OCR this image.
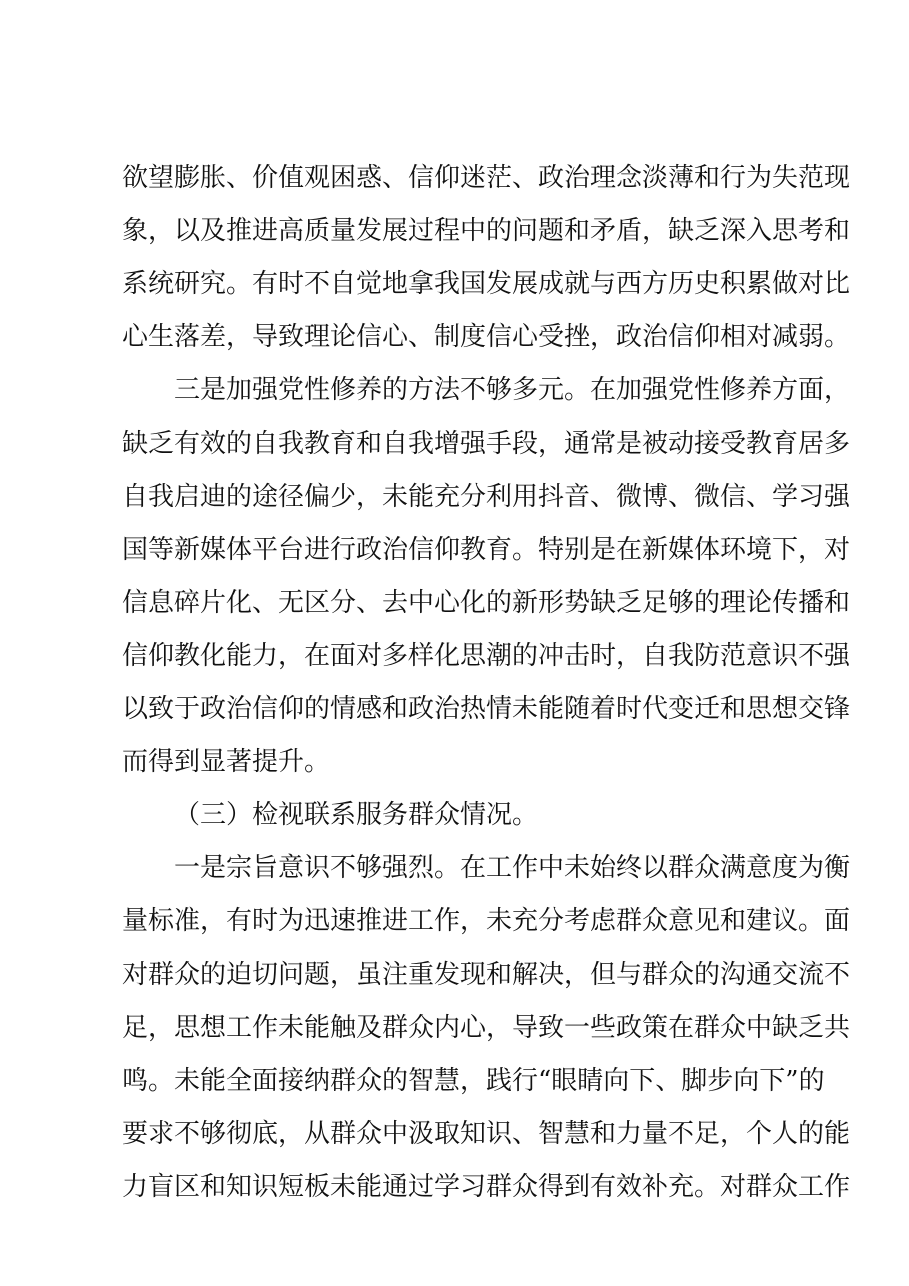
欲望膨胀、价值观困惑、信仰迷茫、政治理念淡薄和行为失范现
象，以及推进高质量发展过程中的问题和矛盾，缺乏深入思考和
系统研究。有时不自觉地拿我国发展成就与西方历史积累做对比
心生落差，导致理论信心、制度信心受挫，政治信仰相对减弱。
三是加强党性修养的方法不够多元。在加强党性修养方面，
缺乏有效的自我教育和自我增强手段，通常是被动接受教育居多
自我启迪的途径偏少，未能充分利用抖音、微博、微信、学习强
国等新媒体平台进行政治信仰教育。特别是在新媒体环境下，对
信息碎片化、无区分、去中心化的新形势缺乏足够的理论传播和
信仰教化能力，在面对多样化思潮的冲击时，自我防范意识不强
以致于政治信仰的情感和政治热情未能随着时代变迁和思想交锋
而得到显著提升。
（三）检视联系服务群众情况。
一是宗旨意识不够强烈。在工作中未始终以群众满意度为衡
量标准，有时为迅速推进工作，未充分考虑群众意见和建议。面
对群众的迫切问题，虽注重发现和解决，但与群众的沟通交流不
足，思想工作未能触及群众内心，导致一些政策在群众中缺乏共
鸣。未能全面接纳群众的智慧，践行“眼睛向下、脚步向下”的
要求不够彻底，从群众中汲取知识、智慧和力量不足，个人的能
力盲区和知识短板未能通过学习群众得到有效补充。对群众工作
